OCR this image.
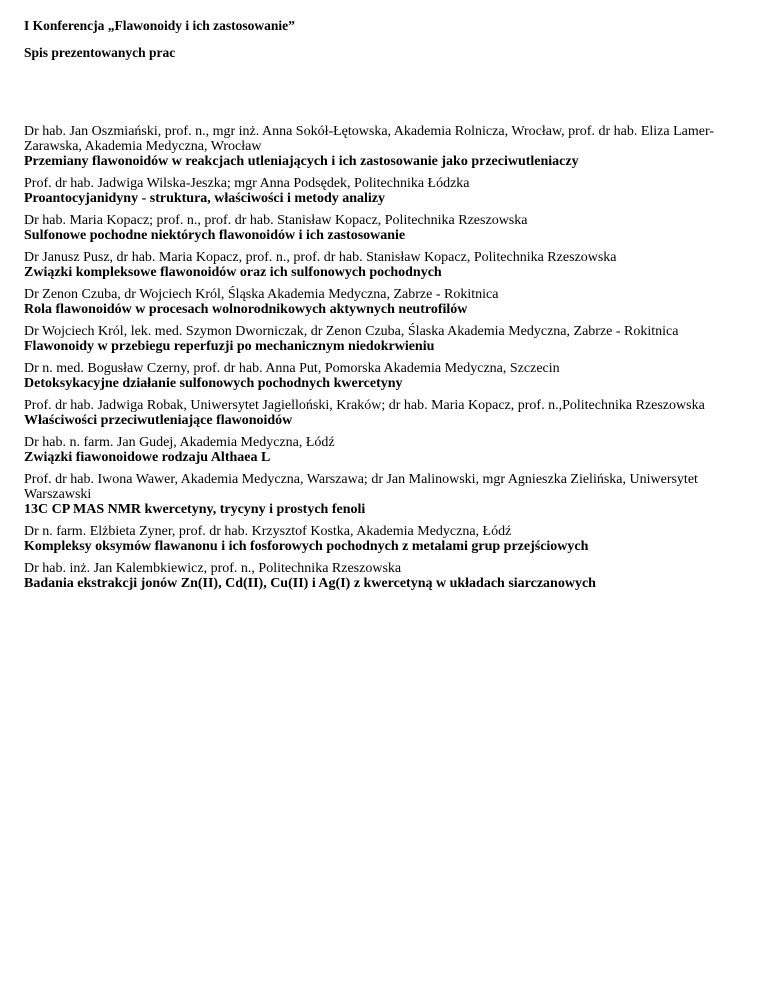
I Konferencja „Flawonoidy i ich zastosowanie”
Spis prezentowanych prac
Dr hab. Jan Oszmiański, prof. n., mgr inż. Anna Sokół-Łętowska, Akademia Rolnicza, Wrocław, prof. dr hab. Eliza Lamer-Zarawska, Akademia Medyczna, Wrocław
Przemiany flawonoidów w reakcjach utleniających i ich zastosowanie jako przeciwutleniaczy
Prof. dr hab. Jadwiga Wilska-Jeszka; mgr Anna Podsędek, Politechnika Łódzka
Proantocyjanidyny - struktura, właściwości i metody analizy
Dr hab. Maria Kopacz; prof. n., prof. dr hab. Stanisław Kopacz, Politechnika Rzeszowska
Sulfonowe pochodne niektórych flawonoidów i ich zastosowanie
Dr Janusz Pusz, dr hab. Maria Kopacz, prof. n., prof. dr hab. Stanisław Kopacz, Politechnika Rzeszowska
Związki kompleksowe flawonoidów oraz ich sulfonowych pochodnych
Dr Zenon Czuba, dr Wojciech Król, Śląska Akademia Medyczna, Zabrze - Rokitnica
Rola flawonoidów w procesach wolnorodnikowych aktywnych neutrofilów
Dr Wojciech Król, lek. med. Szymon Dworniczak, dr Zenon Czuba, Ślaska Akademia Medyczna, Zabrze - Rokitnica
Flawonoidy w przebiegu reperfuzji po mechanicznym niedokrwieniu
Dr n. med. Bogusław Czerny, prof. dr hab. Anna Put, Pomorska Akademia Medyczna, Szczecin
Detoksykacyjne działanie sulfonowych pochodnych kwercetyny
Prof. dr hab. Jadwiga Robak, Uniwersytet Jagielloński, Kraków; dr hab. Maria Kopacz, prof. n.,Politechnika Rzeszowska
Właściwości przeciwutleniające flawonoidów
Dr hab. n. farm. Jan Gudej, Akademia Medyczna, Łódź
Związki fiawonoidowe rodzaju Althaea L
Prof. dr hab. Iwona Wawer, Akademia Medyczna, Warszawa; dr Jan Malinowski, mgr Agnieszka Zielińska, Uniwersytet Warszawski
13C CP MAS NMR kwercetyny, trycyny i prostych fenoli
Dr n. farm. Elżbieta Zyner, prof. dr hab. Krzysztof Kostka, Akademia Medyczna, Łódź
Kompleksy oksymów flawanonu i ich fosforowych pochodnych z metalami grup przejściowych
Dr hab. inż. Jan Kalembkiewicz, prof. n., Politechnika Rzeszowska
Badania ekstrakcji jonów Zn(II), Cd(II), Cu(II) i Ag(I) z kwercetyną w układach siarczanowych
